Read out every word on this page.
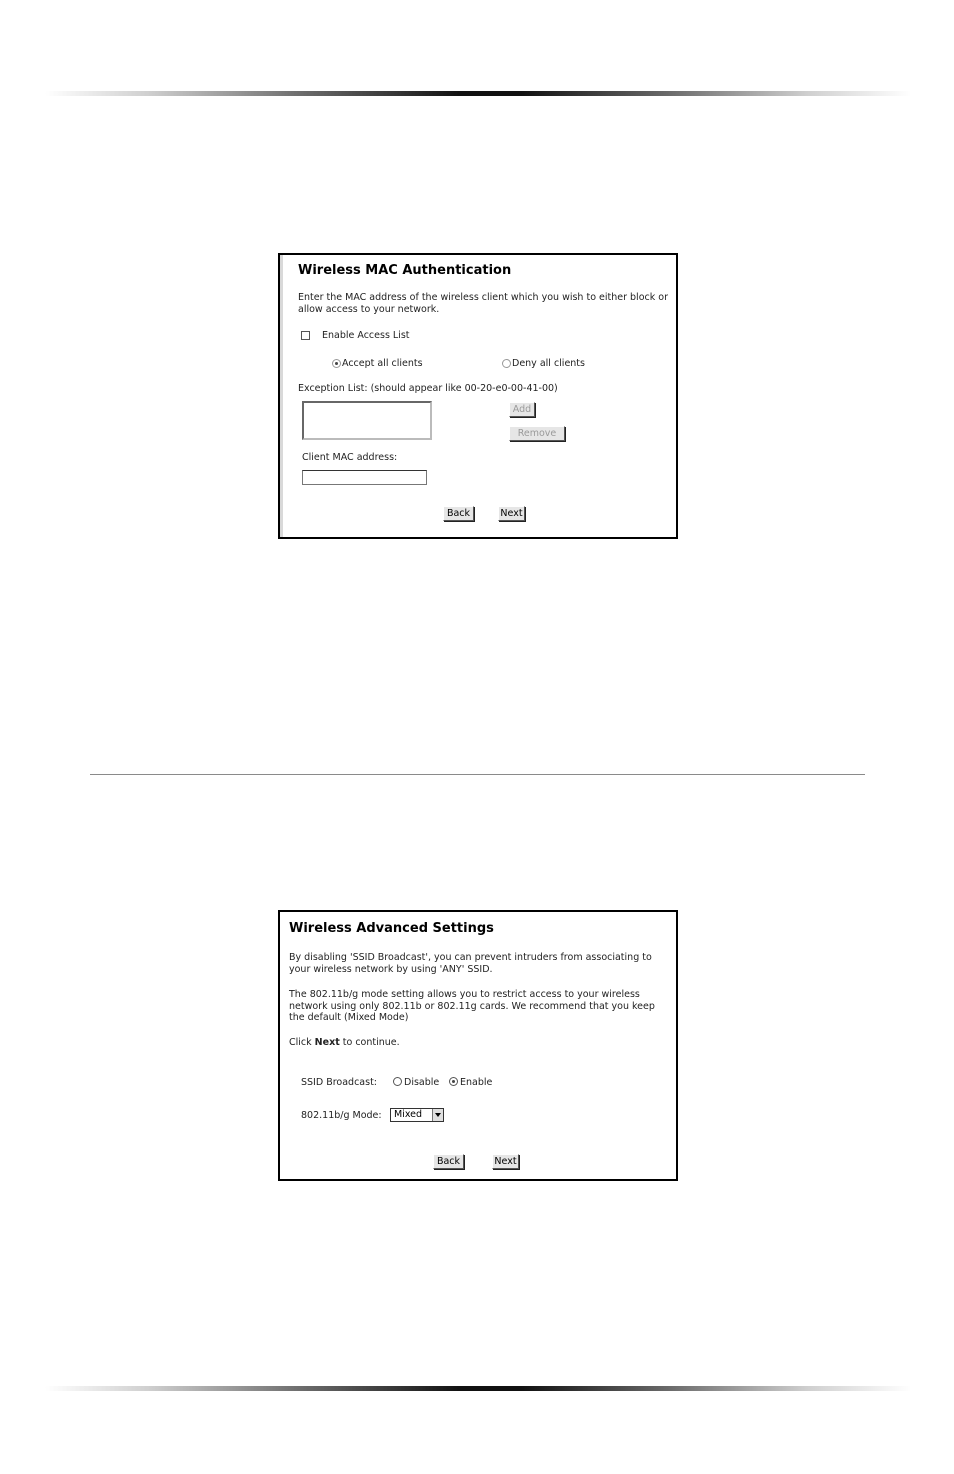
Wireless MAC Authentication
Enter the MAC address of the wireless client which you wish to either block or allow access to your network.
Enable Access List
Accept all clients	Deny all clients
Exception List: (should appear like 00-20-e0-00-41-00)
Add
Remove
Client MAC address:
Back	Next
Wireless Advanced Settings
By disabling 'SSID Broadcast', you can prevent intruders from associating to your wireless network by using 'ANY' SSID.
The 802.11b/g mode setting allows you to restrict access to your wireless network using only 802.11b or 802.11g cards. We recommend that you keep the default (Mixed Mode)
Click Next to continue.
SSID Broadcast:	Disable Enable
802.11b/g Mode:	Mixed
Back	Next
